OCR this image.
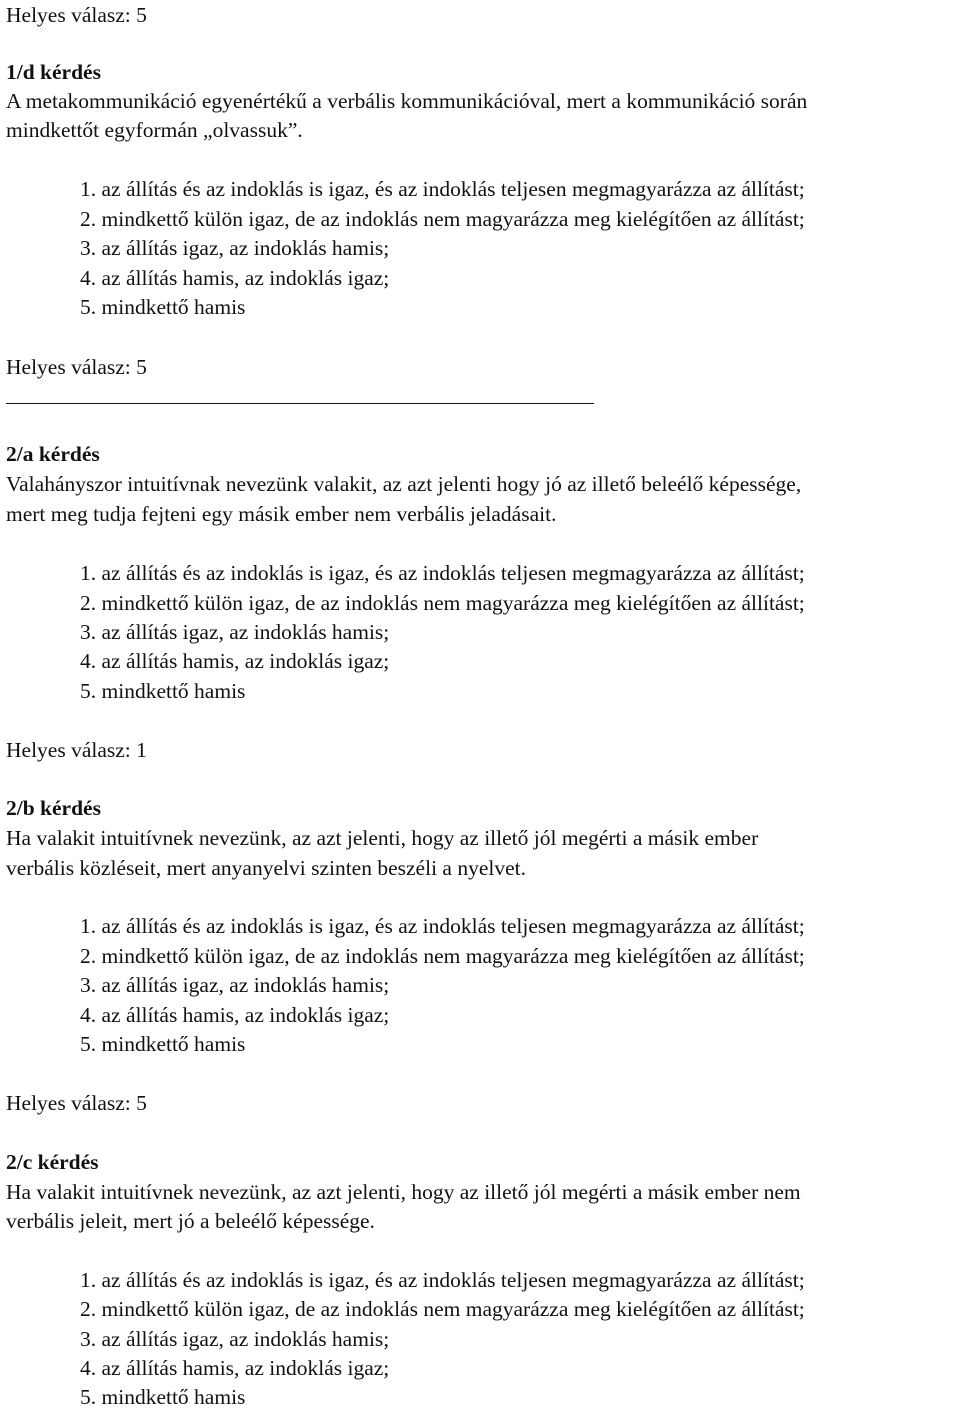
Helyes válasz: 5
1/d kérdés
A metakommunikáció egyenértékű a verbális kommunikációval, mert a kommunikáció során
mindkettőt egyformán „olvassuk”.
1. az állítás és az indoklás is igaz, és az indoklás teljesen megmagyarázza az állítást;
2. mindkettő külön igaz, de az indoklás nem magyarázza meg kielégítően az állítást;
3. az állítás igaz, az indoklás hamis;
4. az állítás hamis, az indoklás igaz;
5. mindkettő hamis
Helyes válasz: 5
2/a kérdés
Valahányszor intuitívnak nevezünk valakit, az azt jelenti hogy jó az illető beleélő képessége,
mert meg tudja fejteni egy másik ember nem verbális jeladásait.
1. az állítás és az indoklás is igaz, és az indoklás teljesen megmagyarázza az állítást;
2. mindkettő külön igaz, de az indoklás nem magyarázza meg kielégítően az állítást;
3. az állítás igaz, az indoklás hamis;
4. az állítás hamis, az indoklás igaz;
5. mindkettő hamis
Helyes válasz: 1
2/b kérdés
Ha valakit intuitívnek nevezünk, az azt jelenti, hogy az illető jól megérti a másik ember
verbális közléseit, mert anyanyelvi szinten beszéli a nyelvet.
1. az állítás és az indoklás is igaz, és az indoklás teljesen megmagyarázza az állítást;
2. mindkettő külön igaz, de az indoklás nem magyarázza meg kielégítően az állítást;
3. az állítás igaz, az indoklás hamis;
4. az állítás hamis, az indoklás igaz;
5. mindkettő hamis
Helyes válasz: 5
2/c kérdés
Ha valakit intuitívnek nevezünk, az azt jelenti, hogy az illető jól megérti a másik ember nem
verbális jeleit, mert jó a beleélő képessége.
1. az állítás és az indoklás is igaz, és az indoklás teljesen megmagyarázza az állítást;
2. mindkettő külön igaz, de az indoklás nem magyarázza meg kielégítően az állítást;
3. az állítás igaz, az indoklás hamis;
4. az állítás hamis, az indoklás igaz;
5. mindkettő hamis
